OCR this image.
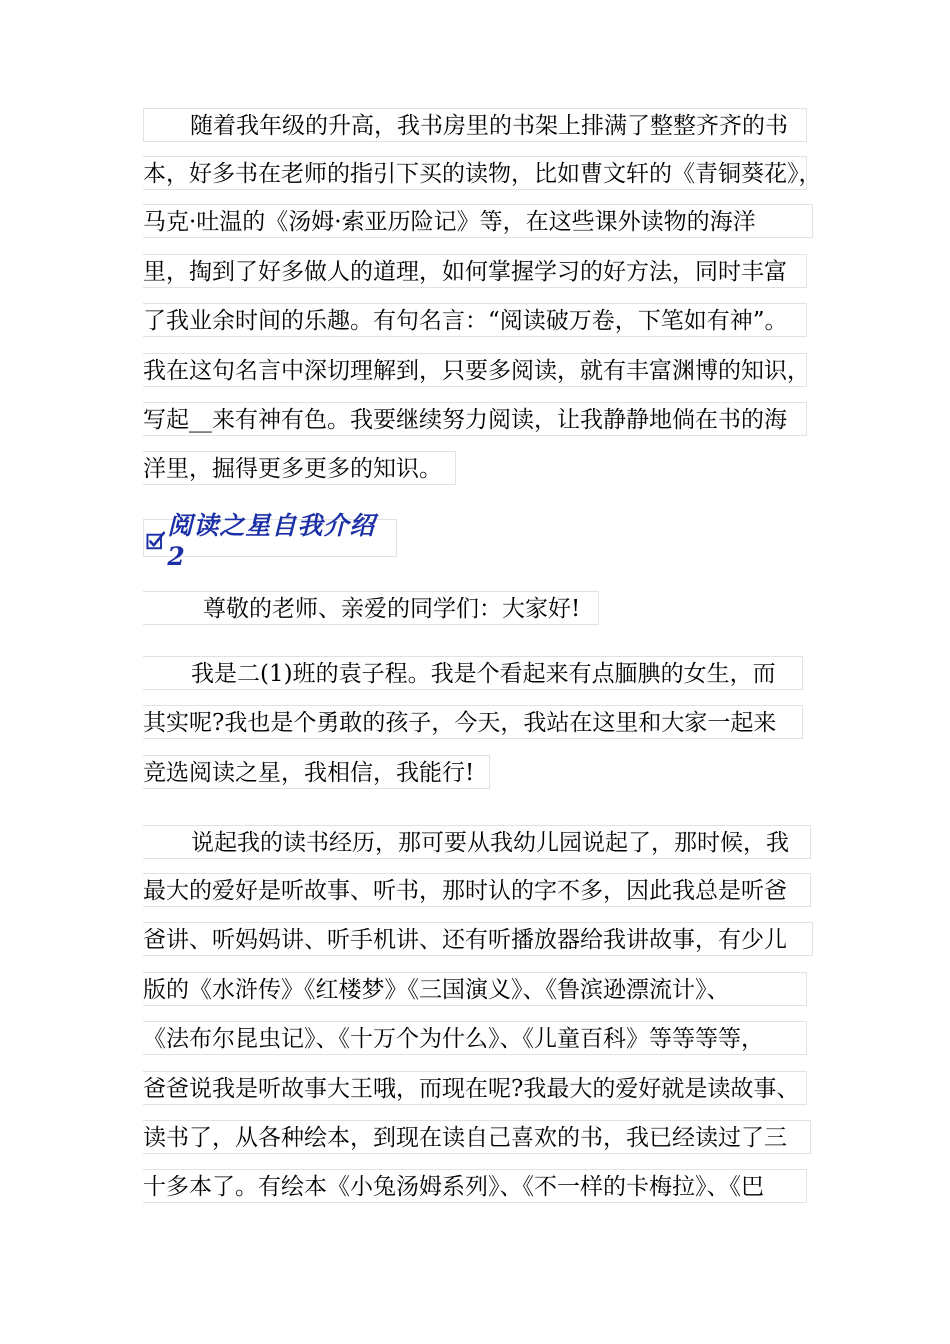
随着我年级的升高，我书房里的书架上排满了整整齐齐的书
本，好多书在老师的指引下买的读物，比如曹文轩的《青铜葵花》，
马克·吐温的《汤姆·索亚历险记》等，在这些课外读物的海洋
里，掏到了好多做人的道理，如何掌握学习的好方法，同时丰富
了我业余时间的乐趣。有句名言：“阅读破万卷，下笔如有神”。
我在这句名言中深切理解到，只要多阅读，就有丰富渊博的知识，
写起__来有神有色。我要继续努力阅读，让我静静地倘在书的海
洋里，掘得更多更多的知识。
阅读之星自我介绍 2
尊敬的老师、亲爱的同学们：大家好!
我是二(1)班的袁子程。我是个看起来有点腼腆的女生，而
其实呢?我也是个勇敢的孩子，今天，我站在这里和大家一起来
竞选阅读之星，我相信，我能行!
说起我的读书经历，那可要从我幼儿园说起了，那时候，我
最大的爱好是听故事、听书，那时认的字不多，因此我总是听爸
爸讲、听妈妈讲、听手机讲、还有听播放器给我讲故事，有少儿
版的《水浒传》《红楼梦》《三国演义》、《鲁滨逊漂流计》、
《法布尔昆虫记》、《十万个为什么》、《儿童百科》等等等等，
爸爸说我是听故事大王哦，而现在呢?我最大的爱好就是读故事、
读书了，从各种绘本，到现在读自己喜欢的书，我已经读过了三
十多本了。有绘本《小兔汤姆系列》、《不一样的卡梅拉》、《巴
